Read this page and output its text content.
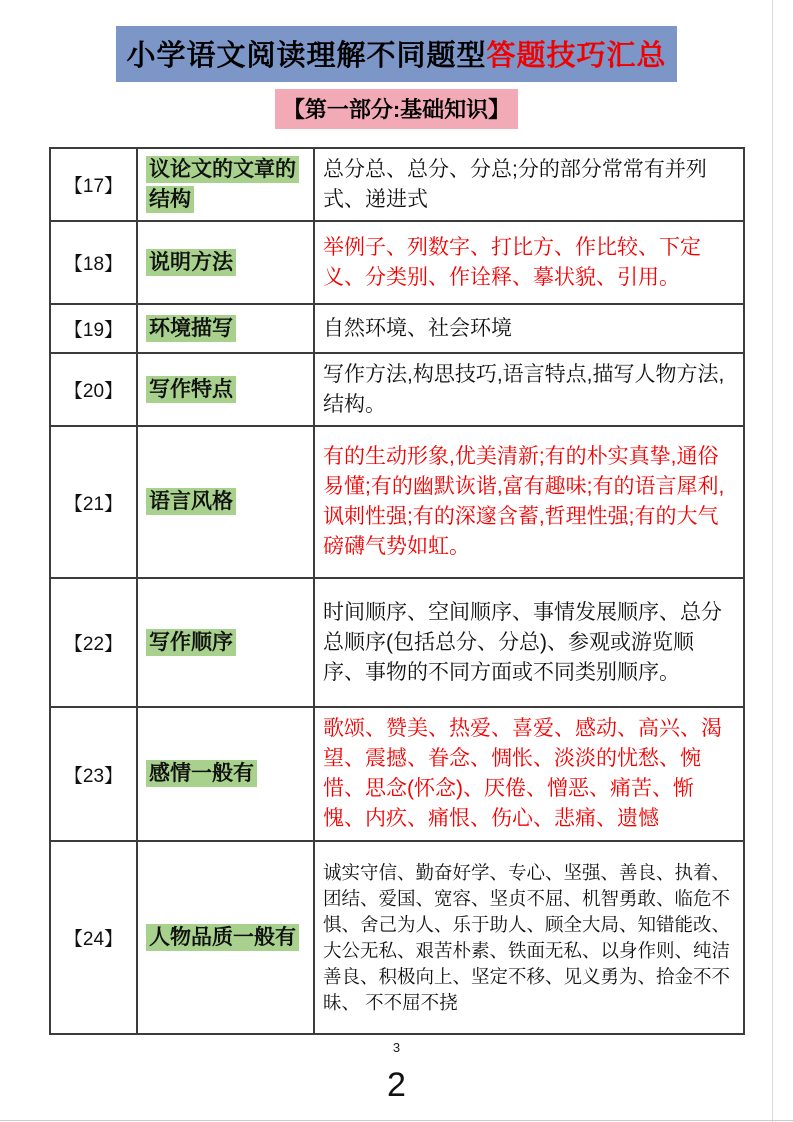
小学语文阅读理解不同题型答题技巧汇总
【第一部分:基础知识】
【17】	议论文的文章的结构	总分总、总分、分总;分的部分常常有并列式、递进式
【18】	说明方法	举例子、列数字、打比方、作比较、下定义、分类别、作诠释、摹状貌、引用。
【19】	环境描写	自然环境、社会环境
【20】	写作特点	写作方法,构思技巧,语言特点,描写人物方法,结构。
【21】	语言风格	有的生动形象,优美清新;有的朴实真挚,通俗易懂;有的幽默诙谐,富有趣味;有的语言犀利,讽刺性强;有的深邃含蓄,哲理性强;有的大气磅礴气势如虹。
【22】	写作顺序	时间顺序、空间顺序、事情发展顺序、总分总顺序(包括总分、分总)、参观或游览顺序、事物的不同方面或不同类别顺序。
【23】	感情一般有	歌颂、赞美、热爱、喜爱、感动、高兴、渴望、震撼、眷念、惆怅、淡淡的忧愁、惋惜、思念(怀念)、厌倦、憎恶、痛苦、惭愧、内疚、痛恨、伤心、悲痛、遗憾
【24】	人物品质一般有	诚实守信、勤奋好学、专心、坚强、善良、执着、团结、爱国、宽容、坚贞不屈、机智勇敢、临危不惧、舍己为人、乐于助人、顾全大局、知错能改、大公无私、艰苦朴素、铁面无私、以身作则、纯洁善良、积极向上、坚定不移、见义勇为、拾金不不昧、 不不屈不挠
3
2
